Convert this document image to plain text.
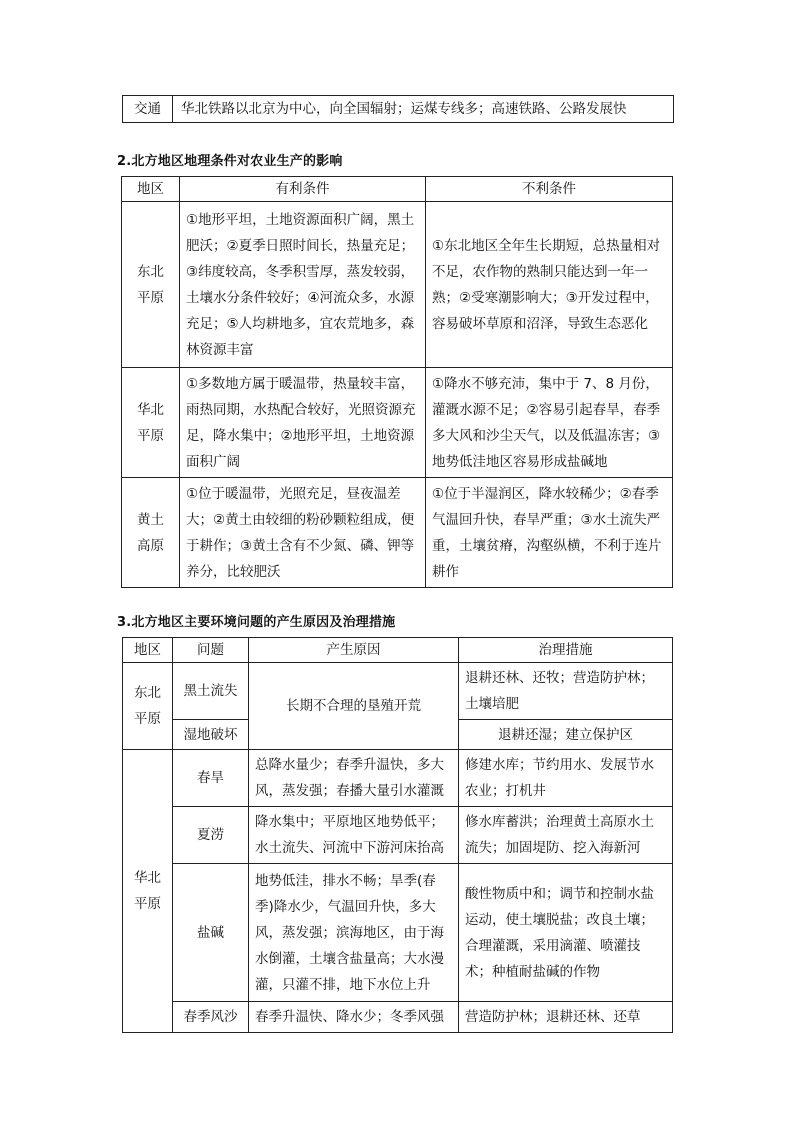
交通	华北铁路以北京为中心，向全国辐射；运煤专线多；高速铁路、公路发展快
2.北方地区地理条件对农业生产的影响
地区	有利条件	不利条件
东北
平原	①地形平坦，土地资源面积广阔，黑土肥沃；②夏季日照时间长，热量充足；③纬度较高，冬季积雪厚，蒸发较弱，土壤水分条件较好；④河流众多，水源充足；⑤人均耕地多，宜农荒地多，森林资源丰富	①东北地区全年生长期短，总热量相对不足，农作物的熟制只能达到一年一熟；②受寒潮影响大；③开发过程中，容易破坏草原和沼泽，导致生态恶化
华北
平原	①多数地方属于暖温带，热量较丰富，雨热同期，水热配合较好，光照资源充足，降水集中；②地形平坦，土地资源面积广阔	①降水不够充沛，集中于 7、8 月份，灌溉水源不足；②容易引起春旱，春季多大风和沙尘天气，以及低温冻害；③地势低洼地区容易形成盐碱地
黄土
高原	①位于暖温带，光照充足，昼夜温差大；②黄土由较细的粉砂颗粒组成，便于耕作；③黄土含有不少氮、磷、钾等养分，比较肥沃	①位于半湿润区，降水较稀少；②春季气温回升快，春旱严重；③水土流失严重，土壤贫瘠，沟壑纵横，不利于连片耕作
3.北方地区主要环境问题的产生原因及治理措施
地区	问题	产生原因	治理措施
东北
平原	黑土流失	长期不合理的垦殖开荒	退耕还林、还牧；营造防护林；土壤培肥
	湿地破坏		退耕还湿；建立保护区
华北
平原	春旱	总降水量少；春季升温快，多大风，蒸发强；春播大量引水灌溉	修建水库；节约用水、发展节水农业；打机井
	夏涝	降水集中；平原地区地势低平；水土流失、河流中下游河床抬高	修水库蓄洪；治理黄土高原水土流失；加固堤防、挖入海新河
	盐碱	地势低洼，排水不畅；旱季(春季)降水少，气温回升快，多大风，蒸发强；滨海地区，由于海水倒灌，土壤含盐量高；大水漫灌，只灌不排，地下水位上升	酸性物质中和；调节和控制水盐运动，使土壤脱盐；改良土壤；合理灌溉，采用滴灌、喷灌技术；种植耐盐碱的作物
	春季风沙	春季升温快、降水少；冬季风强	营造防护林；退耕还林、还草
